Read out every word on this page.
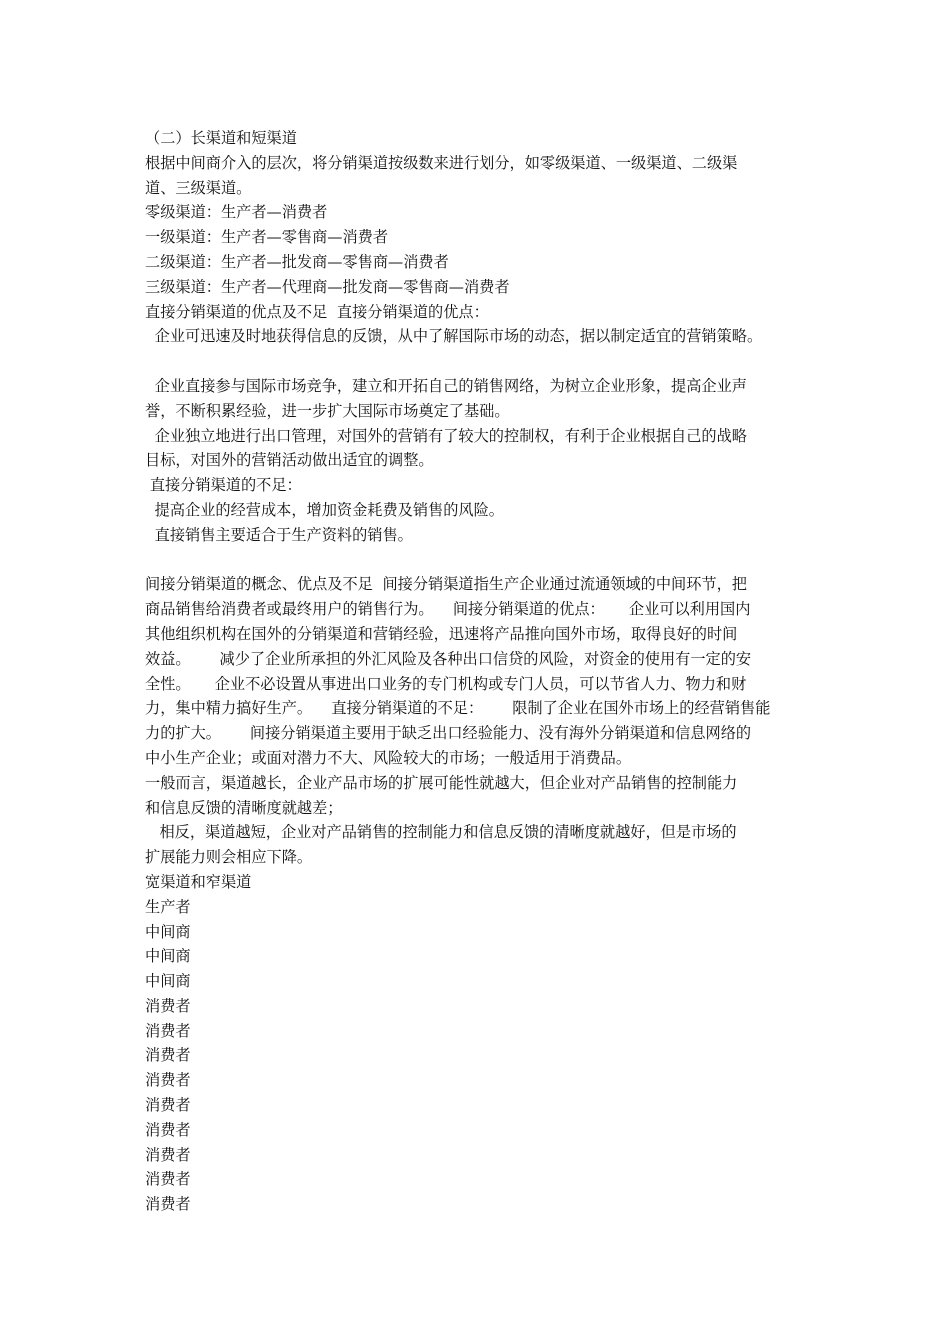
（二）长渠道和短渠道
根据中间商介入的层次，将分销渠道按级数来进行划分，如零级渠道、一级渠道、二级渠
道、三级渠道。
零级渠道：生产者—消费者
一级渠道：生产者—零售商—消费者
二级渠道：生产者—批发商—零售商—消费者
三级渠道：生产者—代理商—批发商—零售商—消费者
直接分销渠道的优点及不足  直接分销渠道的优点：
企业可迅速及时地获得信息的反馈，从中了解国际市场的动态，据以制定适宜的营销策略。
企业直接参与国际市场竞争，建立和开拓自己的销售网络，为树立企业形象，提高企业声
誉，不断积累经验，进一步扩大国际市场奠定了基础。
企业独立地进行出口管理，对国外的营销有了较大的控制权，有利于企业根据自己的战略
目标，对国外的营销活动做出适宜的调整。
直接分销渠道的不足：
提高企业的经营成本，增加资金耗费及销售的风险。
直接销售主要适合于生产资料的销售。
间接分销渠道的概念、优点及不足  间接分销渠道指生产企业通过流通领域的中间环节，把
商品销售给消费者或最终用户的销售行为。    间接分销渠道的优点：     企业可以利用国内
其他组织机构在国外的分销渠道和营销经验，迅速将产品推向国外市场，取得良好的时间
效益。      减少了企业所承担的外汇风险及各种出口信贷的风险，对资金的使用有一定的安
全性。     企业不必设置从事进出口业务的专门机构或专门人员，可以节省人力、物力和财
力，集中精力搞好生产。    直接分销渠道的不足：      限制了企业在国外市场上的经营销售能
力的扩大。      间接分销渠道主要用于缺乏出口经验能力、没有海外分销渠道和信息网络的
中小生产企业；或面对潜力不大、风险较大的市场；一般适用于消费品。
一般而言，渠道越长，企业产品市场的扩展可能性就越大，但企业对产品销售的控制能力
和信息反馈的清晰度就越差；
相反，渠道越短，企业对产品销售的控制能力和信息反馈的清晰度就越好，但是市场的
扩展能力则会相应下降。
宽渠道和窄渠道
生产者
中间商
中间商
中间商
消费者
消费者
消费者
消费者
消费者
消费者
消费者
消费者
消费者
